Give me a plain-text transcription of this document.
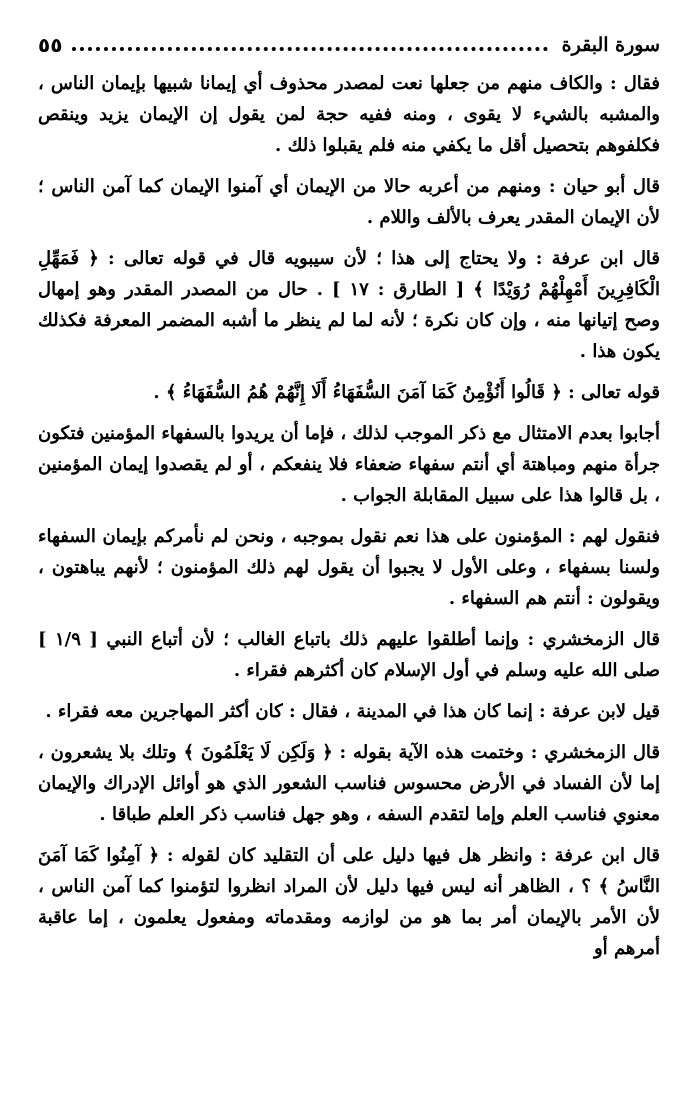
سورة البقرة
٥٥

فقال : والكاف منهم من جعلها نعت لمصدر محذوف أي إيمانا شبيها بإيمان الناس ، والمشبه بالشيء لا يقوى ، ومنه ففيه حجة لمن يقول إن الإيمان يزيد وينقص فكلفوهم بتحصيل أقل ما يكفي منه فلم يقبلوا ذلك .

قال أبو حيان : ومنهم من أعربه حالا من الإيمان أي آمنوا الإيمان كما آمن الناس ؛ لأن الإيمان المقدر يعرف بالألف واللام .

قال ابن عرفة : ولا يحتاج إلى هذا ؛ لأن سيبويه قال في قوله تعالى : ﴿ فَمَهِّلِ الْكَافِرِينَ أَمْهِلْهُمْ رُوَيْدًا ﴾ [ الطارق : ١٧ ] . حال من المصدر المقدر وهو إمهال وصح إتيانها منه ، وإن كان نكرة ؛ لأنه لما لم ينظر ما أشبه المضمر المعرفة فكذلك يكون هذا .

قوله تعالى : ﴿ قَالُوا أَنُؤْمِنُ كَمَا آمَنَ السُّفَهَاءُ أَلَا إِنَّهُمْ هُمُ السُّفَهَاءُ ﴾ .

أجابوا بعدم الامتثال مع ذكر الموجب لذلك ، فإما أن يريدوا بالسفهاء المؤمنين فتكون جرأة منهم ومباهتة أي أنتم سفهاء ضعفاء فلا ينفعكم ، أو لم يقصدوا إيمان المؤمنين ، بل قالوا هذا على سبيل المقابلة الجواب .

فنقول لهم : المؤمنون على هذا نعم نقول بموجبه ، ونحن لم نأمركم بإيمان السفهاء ولسنا بسفهاء ، وعلى الأول لا يجبوا أن يقول لهم ذلك المؤمنون ؛ لأنهم يباهتون ، ويقولون : أنتم هم السفهاء .

قال الزمخشري : وإنما أطلقوا عليهم ذلك باتباع الغالب ؛ لأن أتباع النبي [ ١/٩ ] صلى الله عليه وسلم في أول الإسلام كان أكثرهم فقراء .

قيل لابن عرفة : إنما كان هذا في المدينة ، فقال : كان أكثر المهاجرين معه فقراء .

قال الزمخشري : وختمت هذه الآية بقوله : ﴿ وَلَكِن لَا يَعْلَمُونَ ﴾ وتلك بلا يشعرون ، إما لأن الفساد في الأرض محسوس فناسب الشعور الذي هو أوائل الإدراك والإيمان معنوي فناسب العلم وإما لتقدم السفه ، وهو جهل فناسب ذكر العلم طباقا .

قال ابن عرفة : وانظر هل فيها دليل على أن التقليد كان لقوله : ﴿ آمِنُوا كَمَا آمَنَ النَّاسُ ﴾ ؟ ، الظاهر أنه ليس فيها دليل لأن المراد انظروا لتؤمنوا كما آمن الناس ، لأن الأمر بالإيمان أمر بما هو من لوازمه ومقدماته ومفعول يعلمون ، إما عاقبة أمرهم أو
